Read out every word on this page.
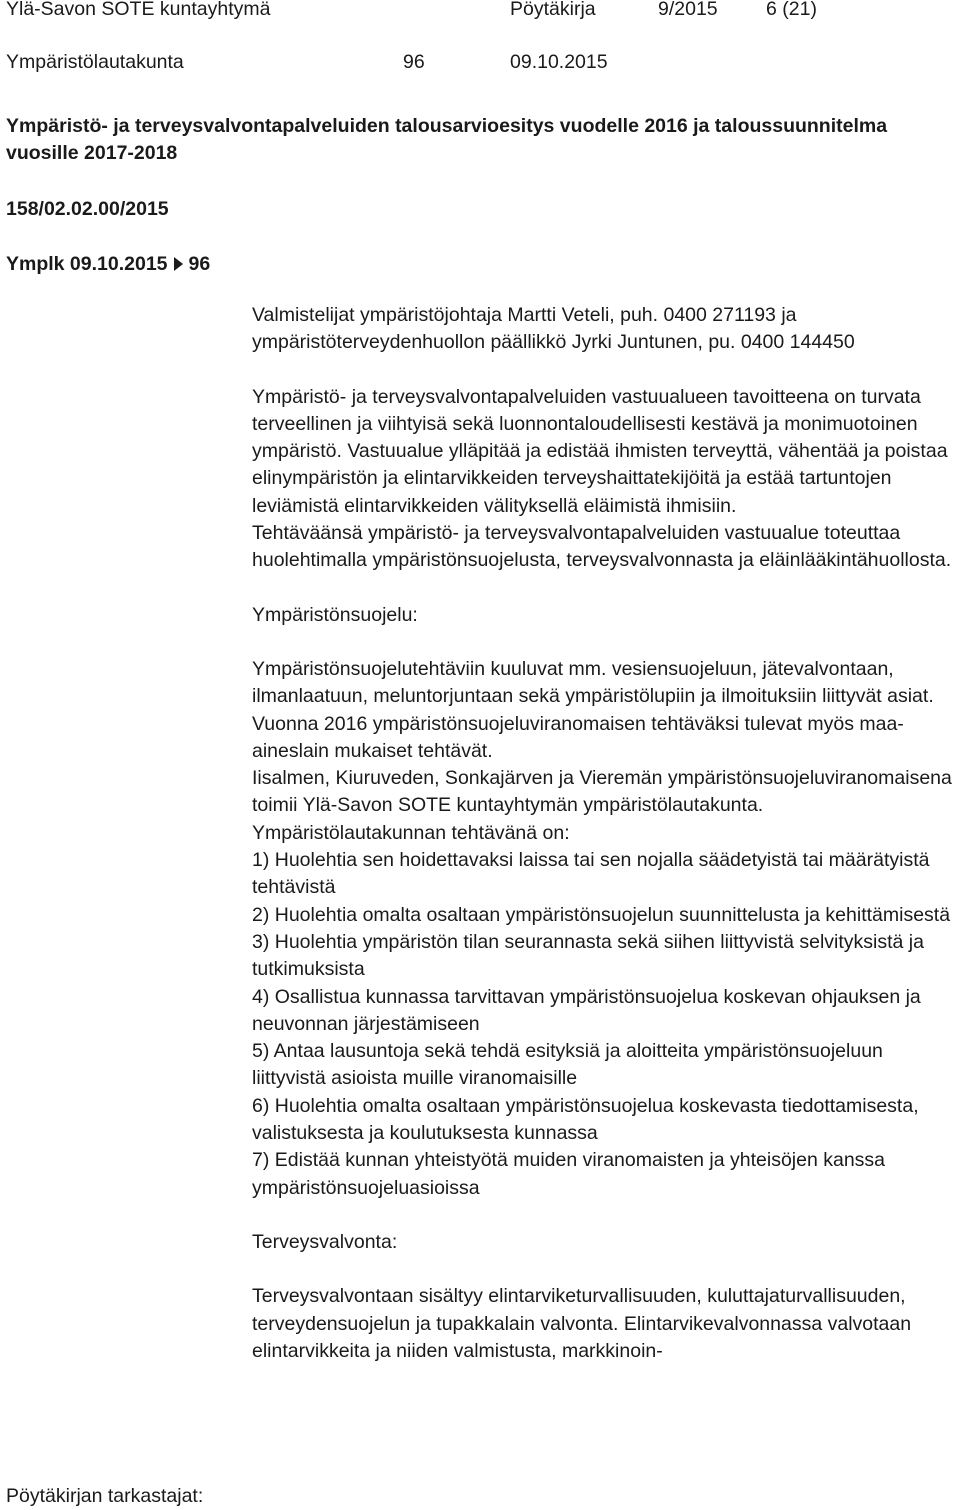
Ylä-Savon SOTE kuntayhtymä	Pöytäkirja	9/2015 6 (21)
Ympäristölautakunta	96	09.10.2015
Ympäristö- ja terveysvalvontapalveluiden talousarvioesitys vuodelle 2016 ja taloussuunnitelma vuosille 2017-2018
158/02.02.00/2015
Ymplk 09.10.2015 96

Valmistelijat ympäristöjohtaja Martti Veteli, puh. 0400 271193 ja ympäristöterveydenhuollon päällikkö Jyrki Juntunen, pu. 0400 144450

Ympäristö- ja terveysvalvontapalveluiden vastuualueen tavoitteena on turvata terveellinen ja viihtyisä sekä luonnontaloudellisesti kestävä ja monimuotoinen ympäristö. Vastuualue ylläpitää ja edistää ihmisten terveyttä, vähentää ja poistaa elinympäristön ja elintarvikkeiden terveyshaittatekijöitä ja estää tartuntojen leviämistä elintarvikkeiden välityksellä eläimistä ihmisiin.

Tehtäväänsä ympäristö- ja terveysvalvontapalveluiden vastuualue toteuttaa huolehtimalla ympäristönsuojelusta, terveysvalvonnasta ja eläinlääkintähuollosta.

Ympäristönsuojelu:

Ympäristönsuojelutehtäviin kuuluvat mm. vesiensuojeluun, jätevalvontaan, ilmanlaatuun, meluntorjuntaan sekä ympäristölupiin ja ilmoituksiin liittyvät asiat. Vuonna 2016 ympäristönsuojeluviranomaisen tehtäväksi tulevat myös maa-aineslain mukaiset tehtävät.

Iisalmen, Kiuruveden, Sonkajärven ja Vieremän ympäristönsuojeluviranomaisena toimii Ylä-Savon SOTE kuntayhtymän ympäristölautakunta. Ympäristölautakunnan tehtävänä on:

1) Huolehtia sen hoidettavaksi laissa tai sen nojalla säädetyistä tai määrätyistä tehtävistä

2) Huolehtia omalta osaltaan ympäristönsuojelun suunnittelusta ja kehittämisestä

3) Huolehtia ympäristön tilan seurannasta sekä siihen liittyvistä selvityksistä ja tutkimuksista

4) Osallistua kunnassa tarvittavan ympäristönsuojelua koskevan ohjauksen ja neuvonnan järjestämiseen

5) Antaa lausuntoja sekä tehdä esityksiä ja aloitteita ympäristönsuojeluun liittyvistä asioista muille viranomaisille

6) Huolehtia omalta osaltaan ympäristönsuojelua koskevasta tiedottamisesta, valistuksesta ja koulutuksesta kunnassa

7) Edistää kunnan yhteistyötä muiden viranomaisten ja yhteisöjen kanssa ympäristönsuojeluasioissa

Terveysvalvonta:

Terveysvalvontaan sisältyy elintarviketurvallisuuden, kuluttajaturvallisuuden, terveydensuojelun ja tupakkalain valvonta. Elintarvikevalvonnassa valvotaan elintarvikkeita ja niiden valmistusta, markkinoin-

Pöytäkirjan tarkastajat:
